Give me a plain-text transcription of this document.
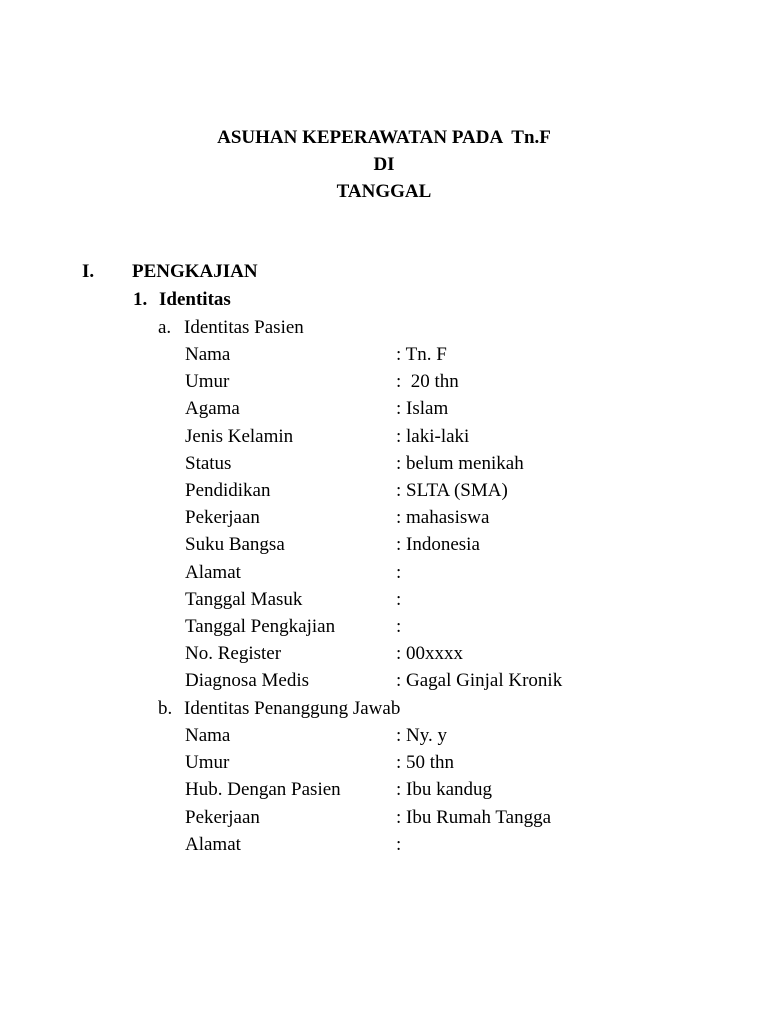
ASUHAN KEPERAWATAN PADA  Tn.F
DI
TANGGAL
I. PENGKAJIAN
1. Identitas
a. Identitas Pasien
Nama	: Tn. F
Umur	:  20 thn
Agama	: Islam
Jenis Kelamin	: laki-laki
Status	: belum menikah
Pendidikan	: SLTA (SMA)
Pekerjaan	: mahasiswa
Suku Bangsa	: Indonesia
Alamat	:
Tanggal Masuk	:
Tanggal Pengkajian	:
No. Register	: 00xxxx
Diagnosa Medis	: Gagal Ginjal Kronik
b. Identitas Penanggung Jawab
Nama	: Ny. y
Umur	: 50 thn
Hub. Dengan Pasien	: Ibu kandug
Pekerjaan	: Ibu Rumah Tangga
Alamat	:
